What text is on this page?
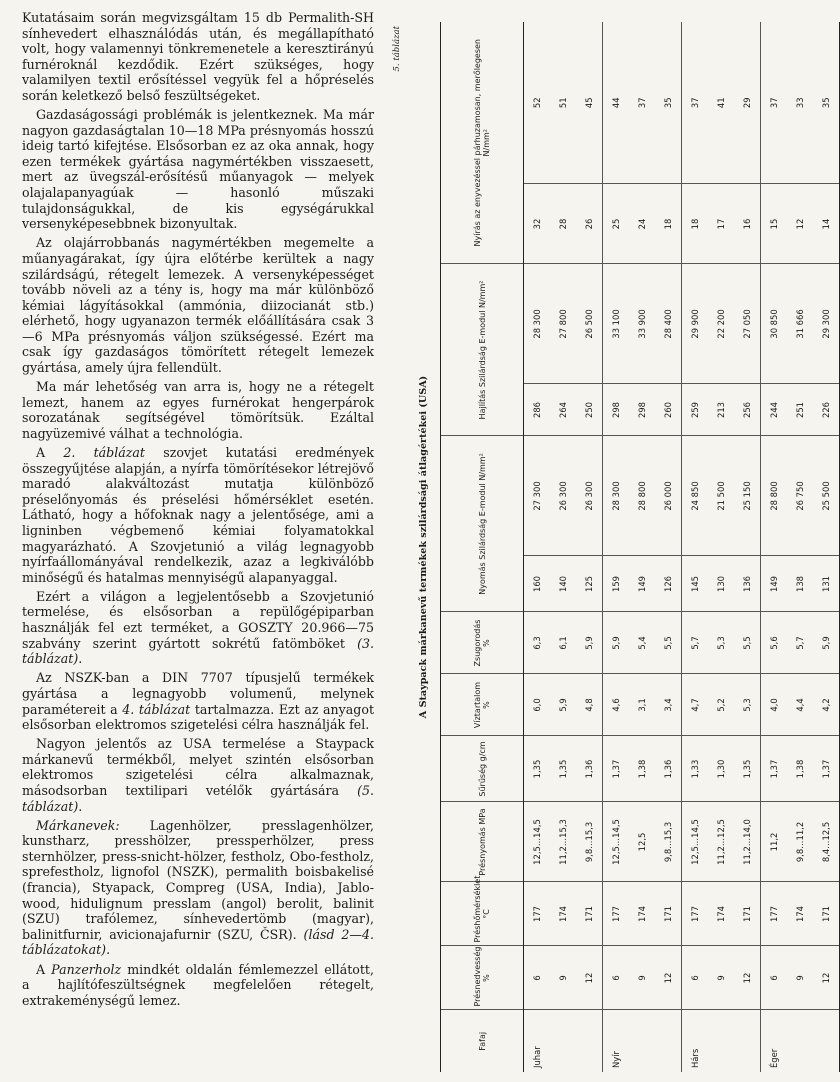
Kutatásaim során megvizsgáltam 15 db Permalith-SH sínhevedert elhasználódás után, és megállapítható volt, hogy valamennyi tönkremenetele a keresztirányú furnéroknál kezdődik. Ezért szükséges, hogy valamilyen textil erősítéssel vegyük fel a hőpréselés során keletkező belső feszültségeket.

Gazdaságossági problémák is jelentkeznek. Ma már nagyon gazdaságtalan 10—18 MPa présnyomás hosszú ideig tartó kifejtése. Elsősorban ez az oka annak, hogy ezen termékek gyártása nagymértékben visszaesett, mert az üvegszál-erősítésű műanyagok — melyek olajalapanyagúak — hasonló műszaki tulajdonságukkal, de kis egységárukkal versenyképesebbnek bizonyultak.

Az olajárrobbanás nagymértékben megemelte a műanyagárakat, így újra előtérbe kerültek a nagy szilárdságú, rétegelt lemezek. A versenyképességet tovább növeli az a tény is, hogy ma már különböző kémiai lágyításokkal (ammónia, diizocianát stb.) elérhető, hogy ugyanazon termék előállítására csak 3—6 MPa présnyomás váljon szükségessé. Ezért ma csak így gazdaságos tömörített rétegelt lemezek gyártása, amely újra fellendült.

Ma már lehetőség van arra is, hogy ne a rétegelt lemezt, hanem az egyes furnérokat hengerpárok sorozatának segítségével tömörítsük. Ezáltal nagyüzemivé válhat a technológia.

A 2. táblázat szovjet kutatási eredmények összegyűjtése alapján, a nyírfa tömörítésekor létrejövő maradó alakváltozást mutatja különböző préselőnyomás és préselési hőmérséklet esetén. Látható, hogy a hőfoknak nagy a jelentősége, ami a ligninben végbemenő kémiai folyamatokkal magyarázható. A Szovjetunió a világ legnagyobb nyírfaállományával rendelkezik, azaz a legkiválóbb minőségű és hatalmas mennyiségű alapanyaggal.

Ezért a világon a legjelentősebb a Szovjetunió termelése, és elsősorban a repülőgépiparban használják fel ezt terméket, a GOSZTY 20.966—75 szabvány szerint gyártott sokrétű fatömböket (3. táblázat).

Az NSZK-ban a DIN 7707 típusjelű termékek gyártása a legnagyobb volumenű, melynek paramétereit a 4. táblázat tartalmazza. Ezt az anyagot elsősorban elektromos szigetelési célra használják fel.

Nagyon jelentős az USA termelése a Staypack márkanevű termékből, melyet szintén elsősorban elektromos szigetelési célra alkalmaznak, másodsorban textilipari vetélők gyártására (5. táblázat).

Márkanevek: Lagenhölzer, presslagenhölzer, kunstharz, presshölzer, pressperhölzer, press sternhölzer, press-snicht-hölzer, festholz, Obo-festholz, sprefestholz, lignofol (NSZK), permalith boisbakelisé (francia), Styapack, Compreg (USA, India), Jablo-wood, hidulignum presslam (angol) berolit, balinit (SZU) trafólemez, sínhevedertömb (magyar), balinitfurnir, avicionajafurnir (SZU, ČSR). (lásd 2—4. táblázatokat).

A Panzerholz mindkét oldalán fémlemezzel ellátott, a hajlítófeszültségnek megfelelően rétegelt, extrakeménységű lemez.

5. táblázat
A Staypack márkanevű termékek szilárdsági átlagértékei (USA)
Fafaj	Présnedvesség %	Préshőmérséklet °C	Présnyomás MPa	Sűrűség g/cm	Víztartalom %	Zsugorodás %	Nyomás Szilárdság E-modul N/mm²		Hajlítás Szilárdság E-modul N/mm²		Nyírás az enyvezéssel párhuzamosan, merőlegesen N/mm²	
Juhar	6	177	12,5…14,5	1,35	6,0	6,3	160	27 300	286	28 300	32	52
	9	174	11,2…15,3	1,35	5,9	6,1	140	26 300	264	27 800	28	51
	12	171	9,8…15,3	1,36	4,8	5,9	125	26 300	250	26 500	26	45
Nyír	6	177	12,5…14,5	1,37	4,6	5,9	159	28 300	298	33 100	25	44
	9	174	12,5	1,38	3,1	5,4	149	28 800	298	33 900	24	37
	12	171	9,8…15,3	1,36	3,4	5,5	126	26 000	260	28 400	18	35
Hárs	6	177	12,5…14,5	1,33	4,7	5,7	145	24 850	259	29 900	18	37
	9	174	11,2…12,5	1,30	5,2	5,3	130	21 500	213	22 200	17	41
	12	171	11,2…14,0	1,35	5,3	5,5	136	25 150	256	27 050	16	29
Éger	6	177	11,2	1,37	4,0	5,6	149	28 800	244	30 850	15	37
	9	174	9,8…11,2	1,38	4,4	5,7	138	26 750	251	31 666	12	33
	12	171	8,4…12,5	1,37	4,2	5,9	131	25 500	226	29 300	14	35
